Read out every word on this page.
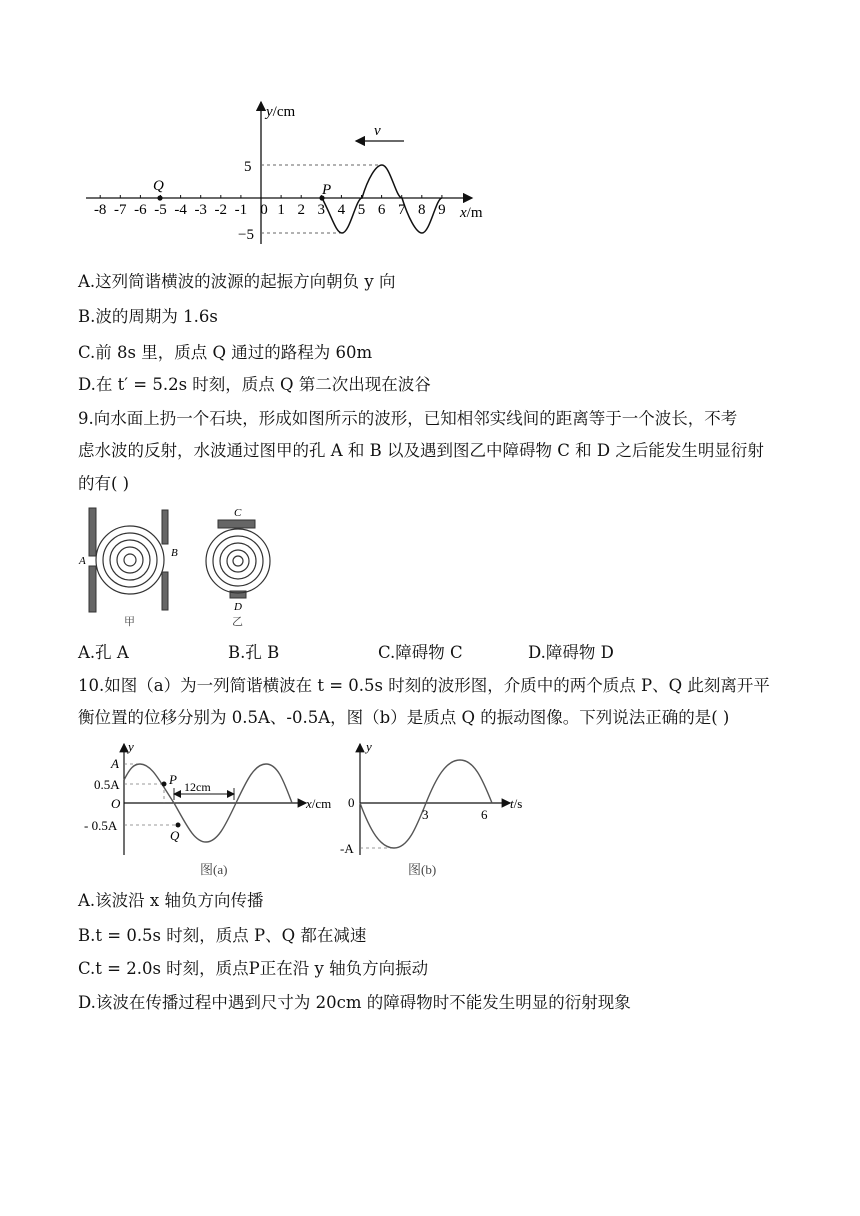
v
Q	P
y/cm
x/m
5
−5
-8 -7 -6 -5 -4 -3 -2 -1 0 1 2 3 4 5 6 7 8 9
A.这列简谐横波的波源的起振方向朝负 y 向
B.波的周期为 1.6s
C.前 8s 里，质点 Q 通过的路程为 60m
D.在 t′ = 5.2s 时刻，质点 Q 第二次出现在波谷
9.向水面上扔一个石块，形成如图所示的波形，已知相邻实线间的距离等于一个波长，不考
虑水波的反射，水波通过图甲的孔 A 和 B 以及遇到图乙中障碍物 C 和 D 之后能发生明显衍射
的有( )
A
B
甲
C
D
乙
A.孔 A	B.孔 B	C.障碍物 C	D.障碍物 D
10.如图（a）为一列简谐横波在 t = 0.5s 时刻的波形图，介质中的两个质点 P、Q 此刻离开平
衡位置的位移分别为 0.5A、-0.5A，图（b）是质点 Q 的振动图像。下列说法正确的是( )
12cm
y
A
0.5A
O
- 0.5A
P
Q
x/cm
图(a)
y
0
3	6
t/s
-A
图(b)
A.该波沿 x 轴负方向传播
B.t = 0.5s 时刻，质点 P、Q 都在减速
C.t = 2.0s 时刻，质点P正在沿 y 轴负方向振动
D.该波在传播过程中遇到尺寸为 20cm 的障碍物时不能发生明显的衍射现象
